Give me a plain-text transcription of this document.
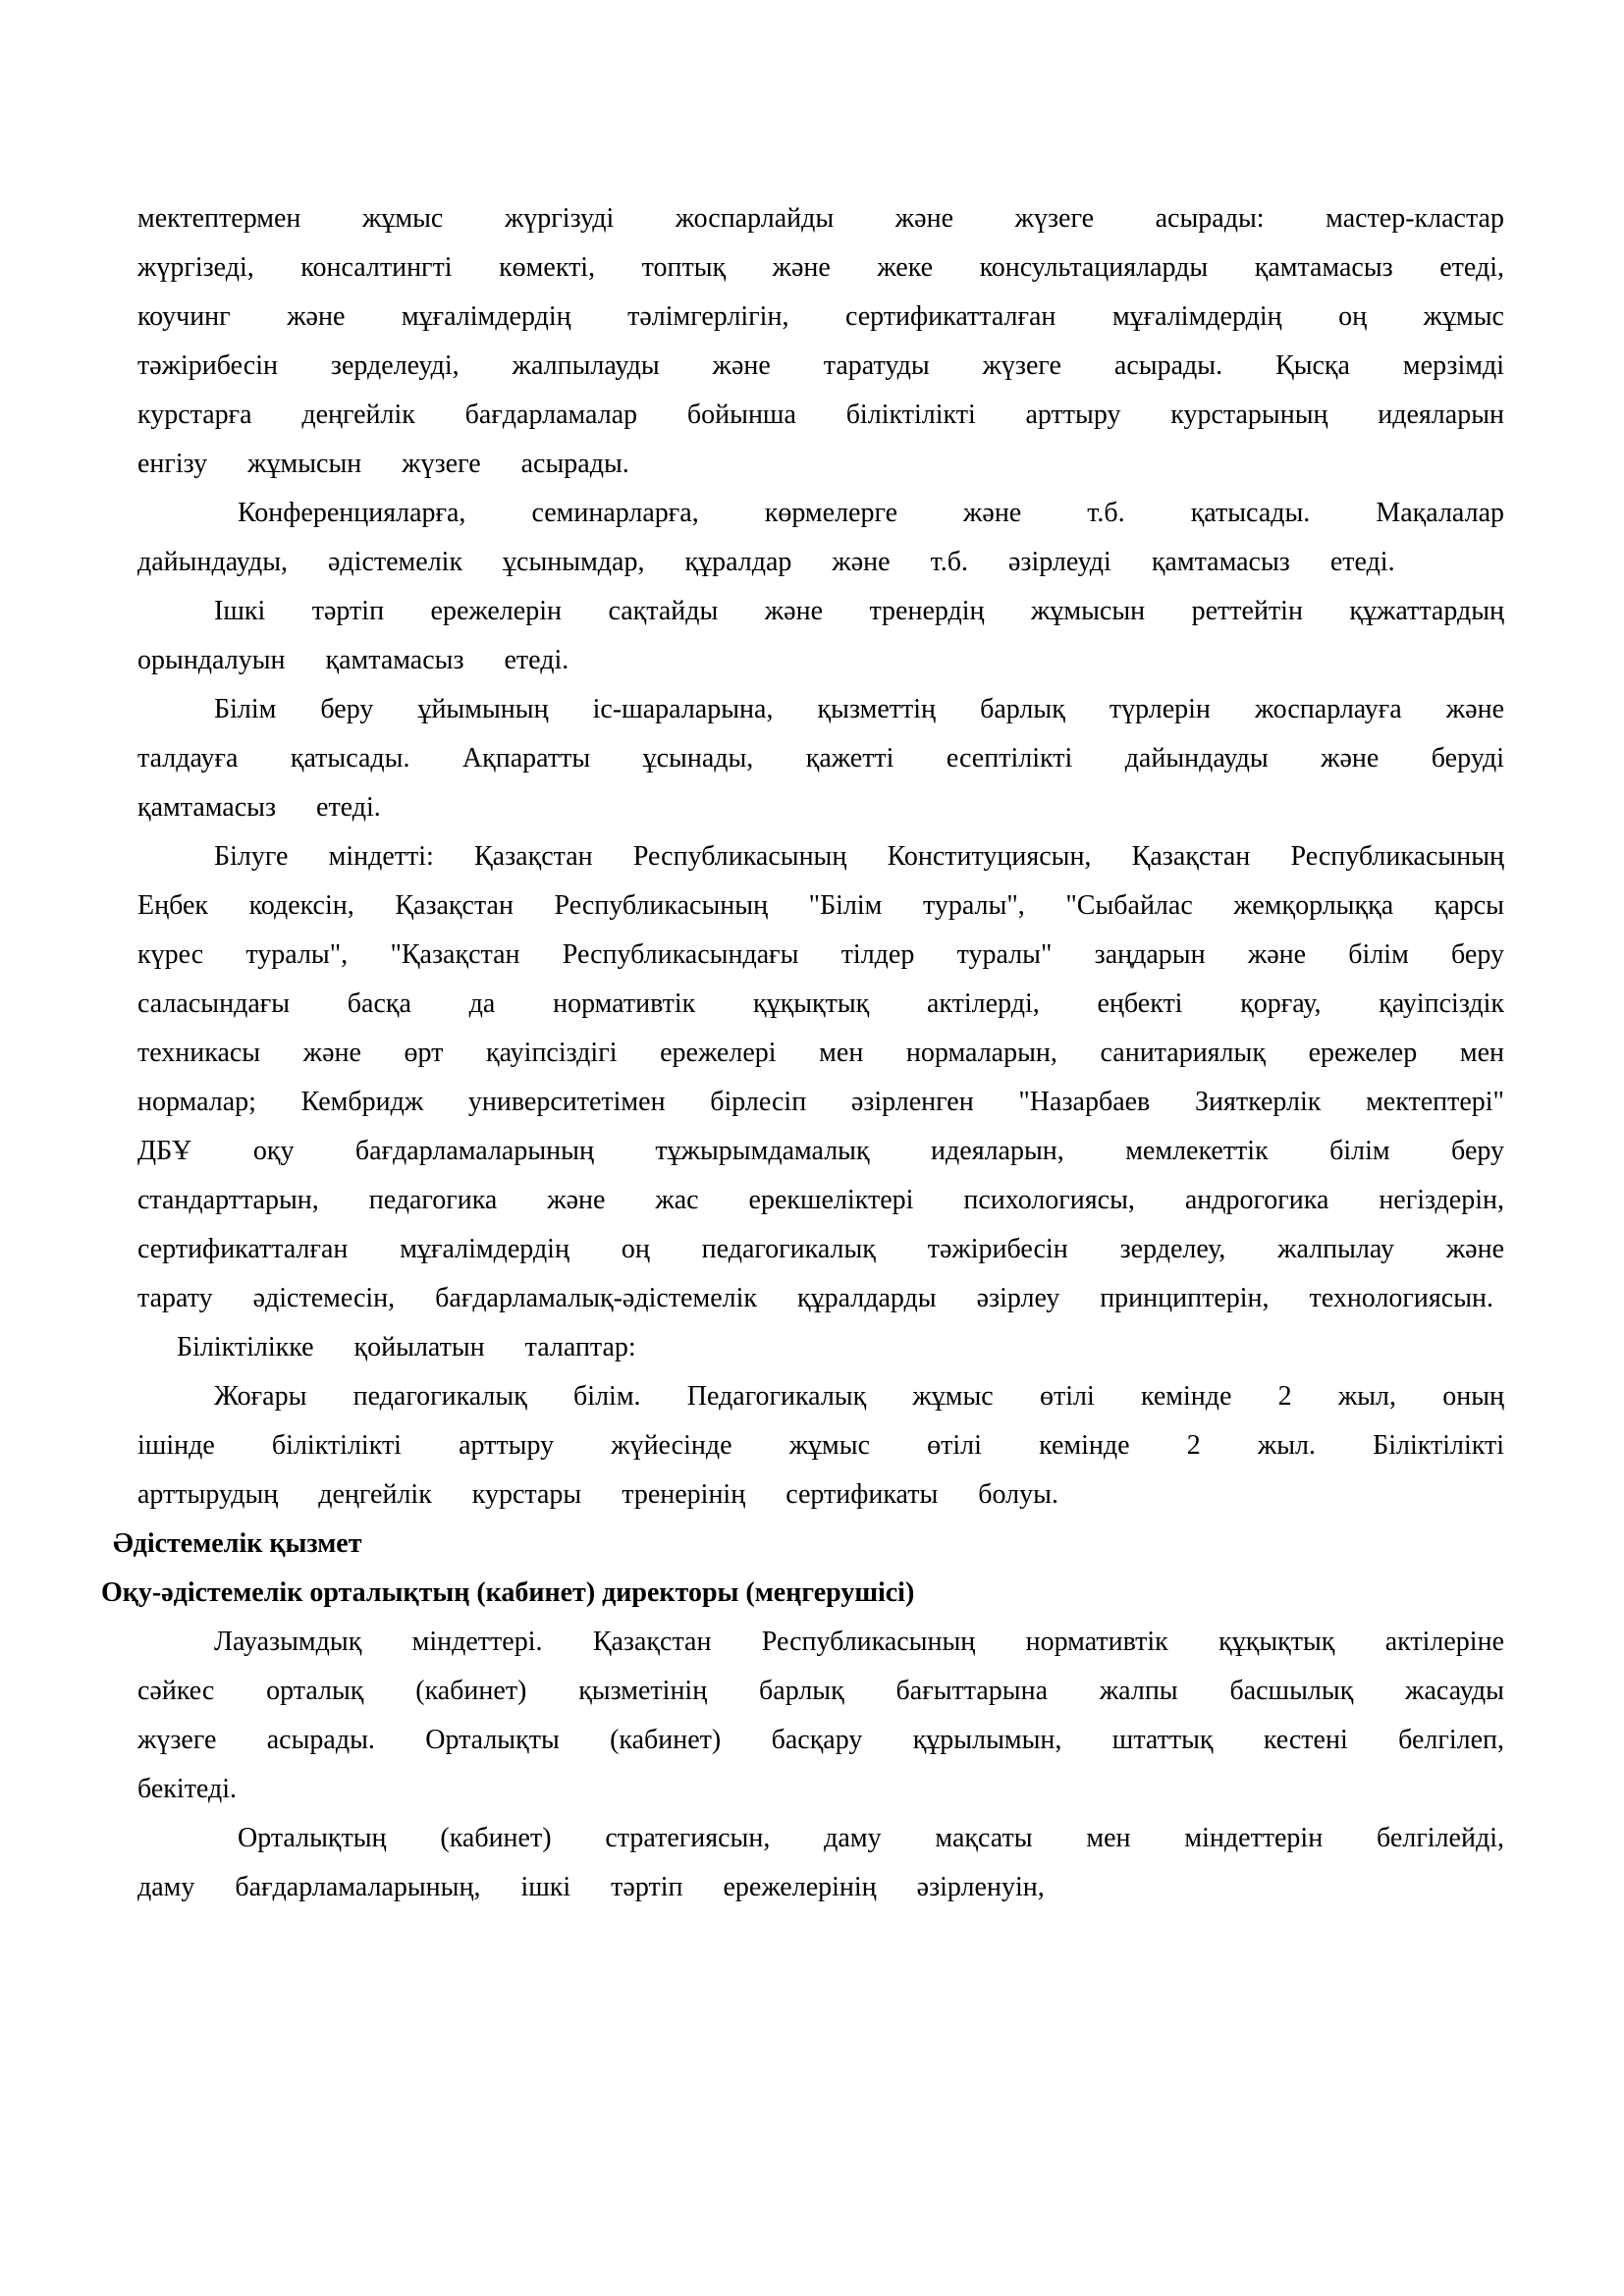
мектептермен жұмыс жүргізуді жоспарлайды және жүзеге асырады: мастер-кластар жүргізеді, консалтингті көмекті, топтық және жеке консультацияларды қамтамасыз етеді, коучинг және мұғалімдердің тәлімгерлігін, сертификатталған мұғалімдердің оң жұмыс тәжірибесін зерделеуді, жалпылауды және таратуды жүзеге асырады. Қысқа мерзімді курстарға деңгейлік бағдарламалар бойынша біліктілікті арттыру курстарының идеяларын енгізу жұмысын жүзеге асырады.

Конференцияларға, семинарларға, көрмелерге және т.б. қатысады. Мақалалар дайындауды, әдістемелік ұсынымдар, құралдар және т.б. әзірлеуді қамтамасыз етеді.

Ішкі тәртіп ережелерін сақтайды және тренердің жұмысын реттейтін құжаттардың орындалуын қамтамасыз етеді.

Білім беру ұйымының іс-шараларына, қызметтің барлық түрлерін жоспарлауға және талдауға қатысады. Ақпаратты ұсынады, қажетті есептілікті дайындауды және беруді қамтамасыз етеді.

Білуге міндетті: Қазақстан Республикасының Конституциясын, Қазақстан Республикасының Еңбек кодексін, Қазақстан Республикасының "Білім туралы", "Сыбайлас жемқорлыққа қарсы күрес туралы", "Қазақстан Республикасындағы тілдер туралы" заңдарын және білім беру саласындағы басқа да нормативтік құқықтық актілерді, еңбекті қорғау, қауіпсіздік техникасы және өрт қауіпсіздігі ережелері мен нормаларын, санитариялық ережелер мен нормалар; Кембридж университетімен бірлесіп әзірленген "Назарбаев Зияткерлік мектептері" ДБҰ оқу бағдарламаларының тұжырымдамалық идеяларын, мемлекеттік білім беру стандарттарын, педагогика және жас ерекшеліктері психологиясы, андрогогика негіздерін, сертификатталған мұғалімдердің оң педагогикалық тәжірибесін зерделеу, жалпылау және тарату әдістемесін, бағдарламалық-әдістемелік құралдарды әзірлеу принциптерін, технологиясын.

Біліктілікке қойылатын талаптар:

Жоғары педагогикалық білім. Педагогикалық жұмыс өтілі кемінде 2 жыл, оның ішінде біліктілікті арттыру жүйесінде жұмыс өтілі кемінде 2 жыл. Біліктілікті арттырудың деңгейлік курстары тренерінің сертификаты болуы.

Әдістемелік қызмет

Оқу-әдістемелік орталықтың (кабинет) директоры (меңгерушісі)

Лауазымдық міндеттері. Қазақстан Республикасының нормативтік құқықтық актілеріне сәйкес орталық (кабинет) қызметінің барлық бағыттарына жалпы басшылық жасауды жүзеге асырады. Орталықты (кабинет) басқару құрылымын, штаттық кестені белгілеп, бекітеді.

Орталықтың (кабинет) стратегиясын, даму мақсаты мен міндеттерін белгілейді, даму бағдарламаларының, ішкі тәртіп ережелерінің әзірленуін,
